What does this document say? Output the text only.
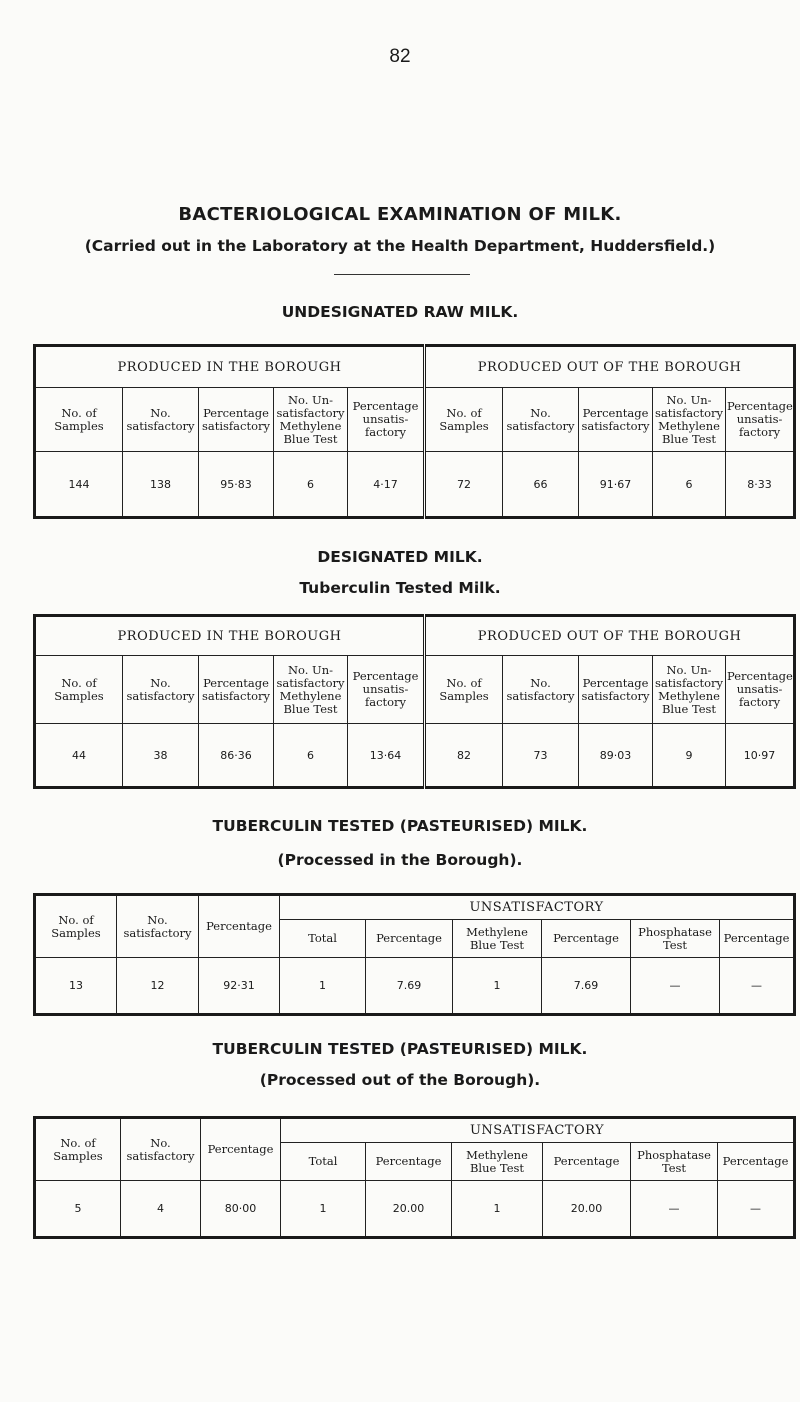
82
BACTERIOLOGICAL EXAMINATION OF MILK.
(Carried out in the Laboratory at the Health Department, Huddersfield.)
UNDESIGNATED RAW MILK.
PRODUCED IN THE BOROUGH					PRODUCED OUT OF THE BOROUGH				
No. of Samples	No. satisfactory	Percentage satisfactory	No. Un-satisfactory Methylene Blue Test	Percentage unsatis-factory	No. of Samples	No. satisfactory	Percentage satisfactory	No. Un-satisfactory Methylene Blue Test	Percentage unsatis-factory
144	138	95·83	6	4·17	72	66	91·67	6	8·33
DESIGNATED MILK.
Tuberculin Tested Milk.
PRODUCED IN THE BOROUGH					PRODUCED OUT OF THE BOROUGH				
No. of Samples	No. satisfactory	Percentage satisfactory	No. Un-satisfactory Methylene Blue Test	Percentage unsatis-factory	No. of Samples	No. satisfactory	Percentage satisfactory	No. Un-satisfactory Methylene Blue Test	Percentage unsatis-factory
44	38	86·36	6	13·64	82	73	89·03	9	10·97
TUBERCULIN TESTED (PASTEURISED) MILK.
(Processed in the Borough).
No. of Samples	No. satisfactory	Percentage	UNSATISFACTORY					
			Total	Percentage	Methylene Blue Test	Percentage	Phosphatase Test	Percentage
13	12	92·31	1	7.69	1	7.69	—	—
TUBERCULIN TESTED (PASTEURISED) MILK.
(Processed out of the Borough).
No. of Samples	No. satisfactory	Percentage	UNSATISFACTORY					
			Total	Percentage	Methylene Blue Test	Percentage	Phosphatase Test	Percentage
5	4	80·00	1	20.00	1	20.00	—	—
